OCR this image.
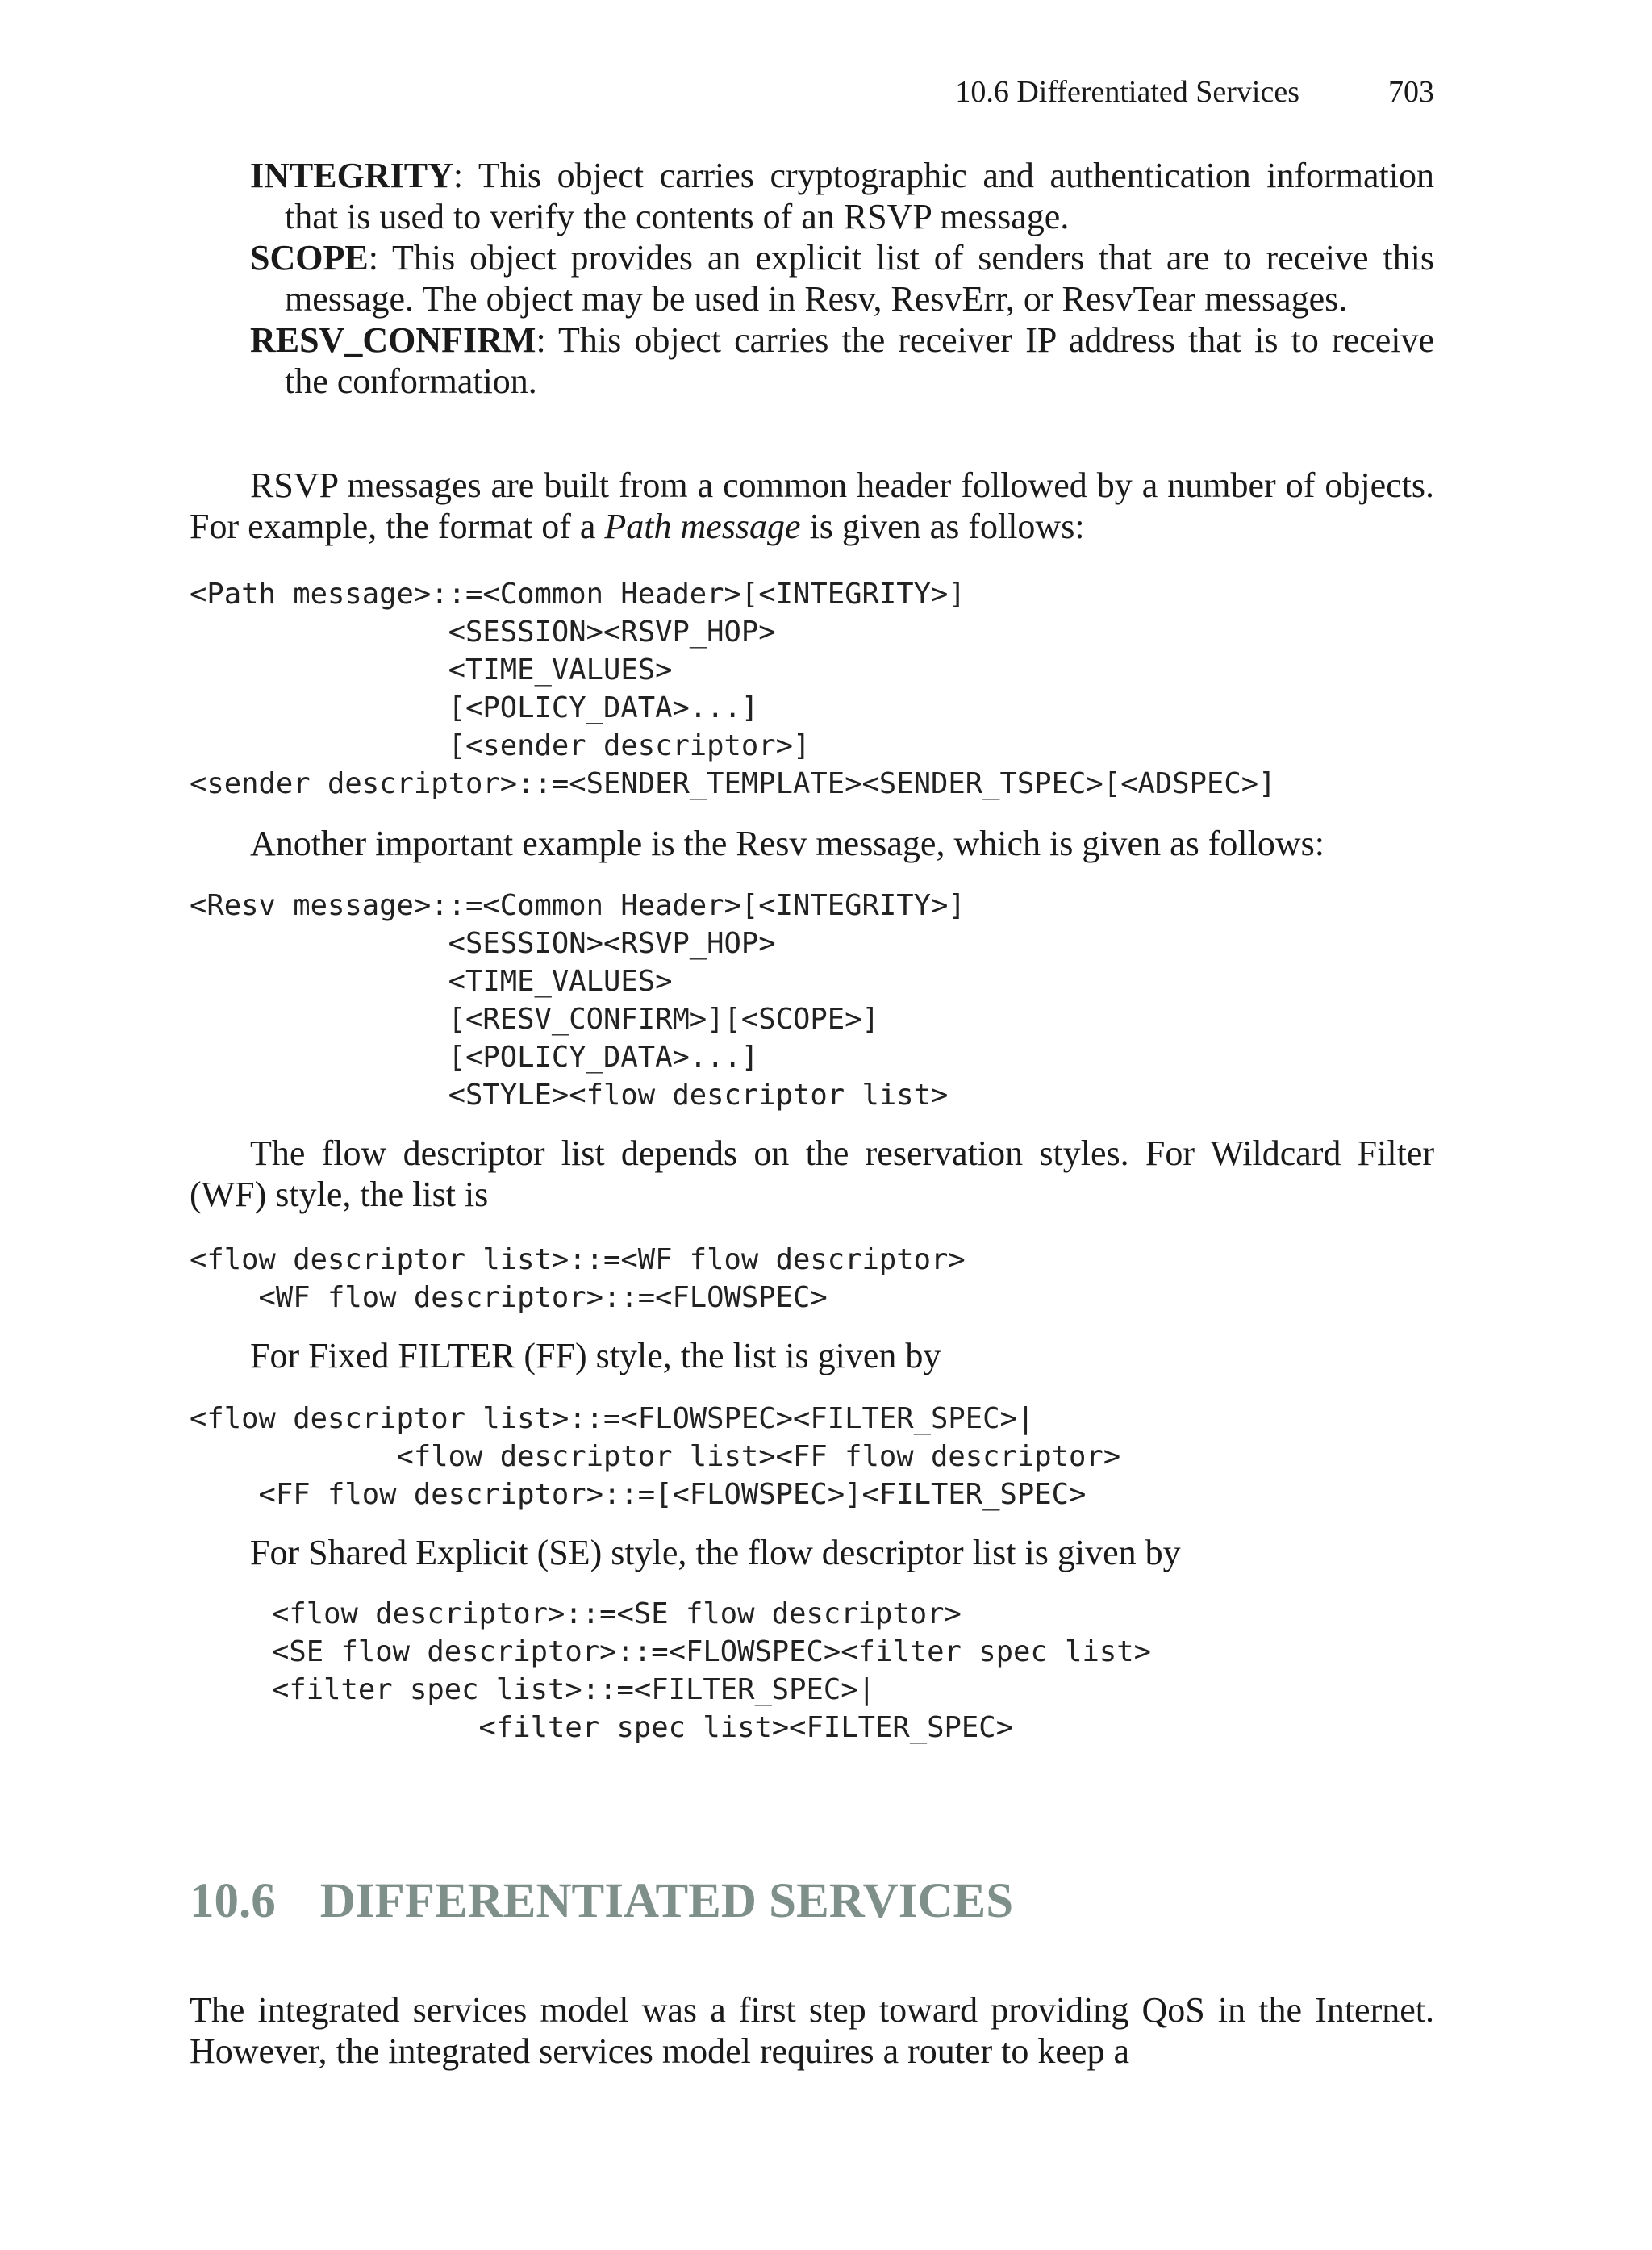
10.6 Differentiated Services	703
INTEGRITY: This object carries cryptographic and authentication information that is used to verify the contents of an RSVP message.
SCOPE: This object provides an explicit list of senders that are to receive this message. The object may be used in Resv, ResvErr, or ResvTear messages.
RESV_CONFIRM: This object carries the receiver IP address that is to receive the conformation.
RSVP messages are built from a common header followed by a number of objects. For example, the format of a Path message is given as follows:
<Path message>::=<Common Header>[<INTEGRITY>]
<SESSION><RSVP_HOP>
<TIME_VALUES>
[<POLICY_DATA>...]
[<sender descriptor>]
<sender descriptor>::=<SENDER_TEMPLATE><SENDER_TSPEC>[<ADSPEC>]
Another important example is the Resv message, which is given as follows:
<Resv message>::=<Common Header>[<INTEGRITY>]
<SESSION><RSVP_HOP>
<TIME_VALUES>
[<RESV_CONFIRM>][<SCOPE>]
[<POLICY_DATA>...]
<STYLE><flow descriptor list>
The flow descriptor list depends on the reservation styles. For Wildcard Filter (WF) style, the list is
<flow descriptor list>::=<WF flow descriptor>
<WF flow descriptor>::=<FLOWSPEC>
For Fixed FILTER (FF) style, the list is given by
<flow descriptor list>::=<FLOWSPEC><FILTER_SPEC>|
<flow descriptor list><FF flow descriptor>
<FF flow descriptor>::=[<FLOWSPEC>]<FILTER_SPEC>
For Shared Explicit (SE) style, the flow descriptor list is given by
<flow descriptor>::=<SE flow descriptor>
<SE flow descriptor>::=<FLOWSPEC><filter spec list>
<filter spec list>::=<FILTER_SPEC>|
<filter spec list><FILTER_SPEC>
10.6 DIFFERENTIATED SERVICES
The integrated services model was a first step toward providing QoS in the Internet. However, the integrated services model requires a router to keep a
